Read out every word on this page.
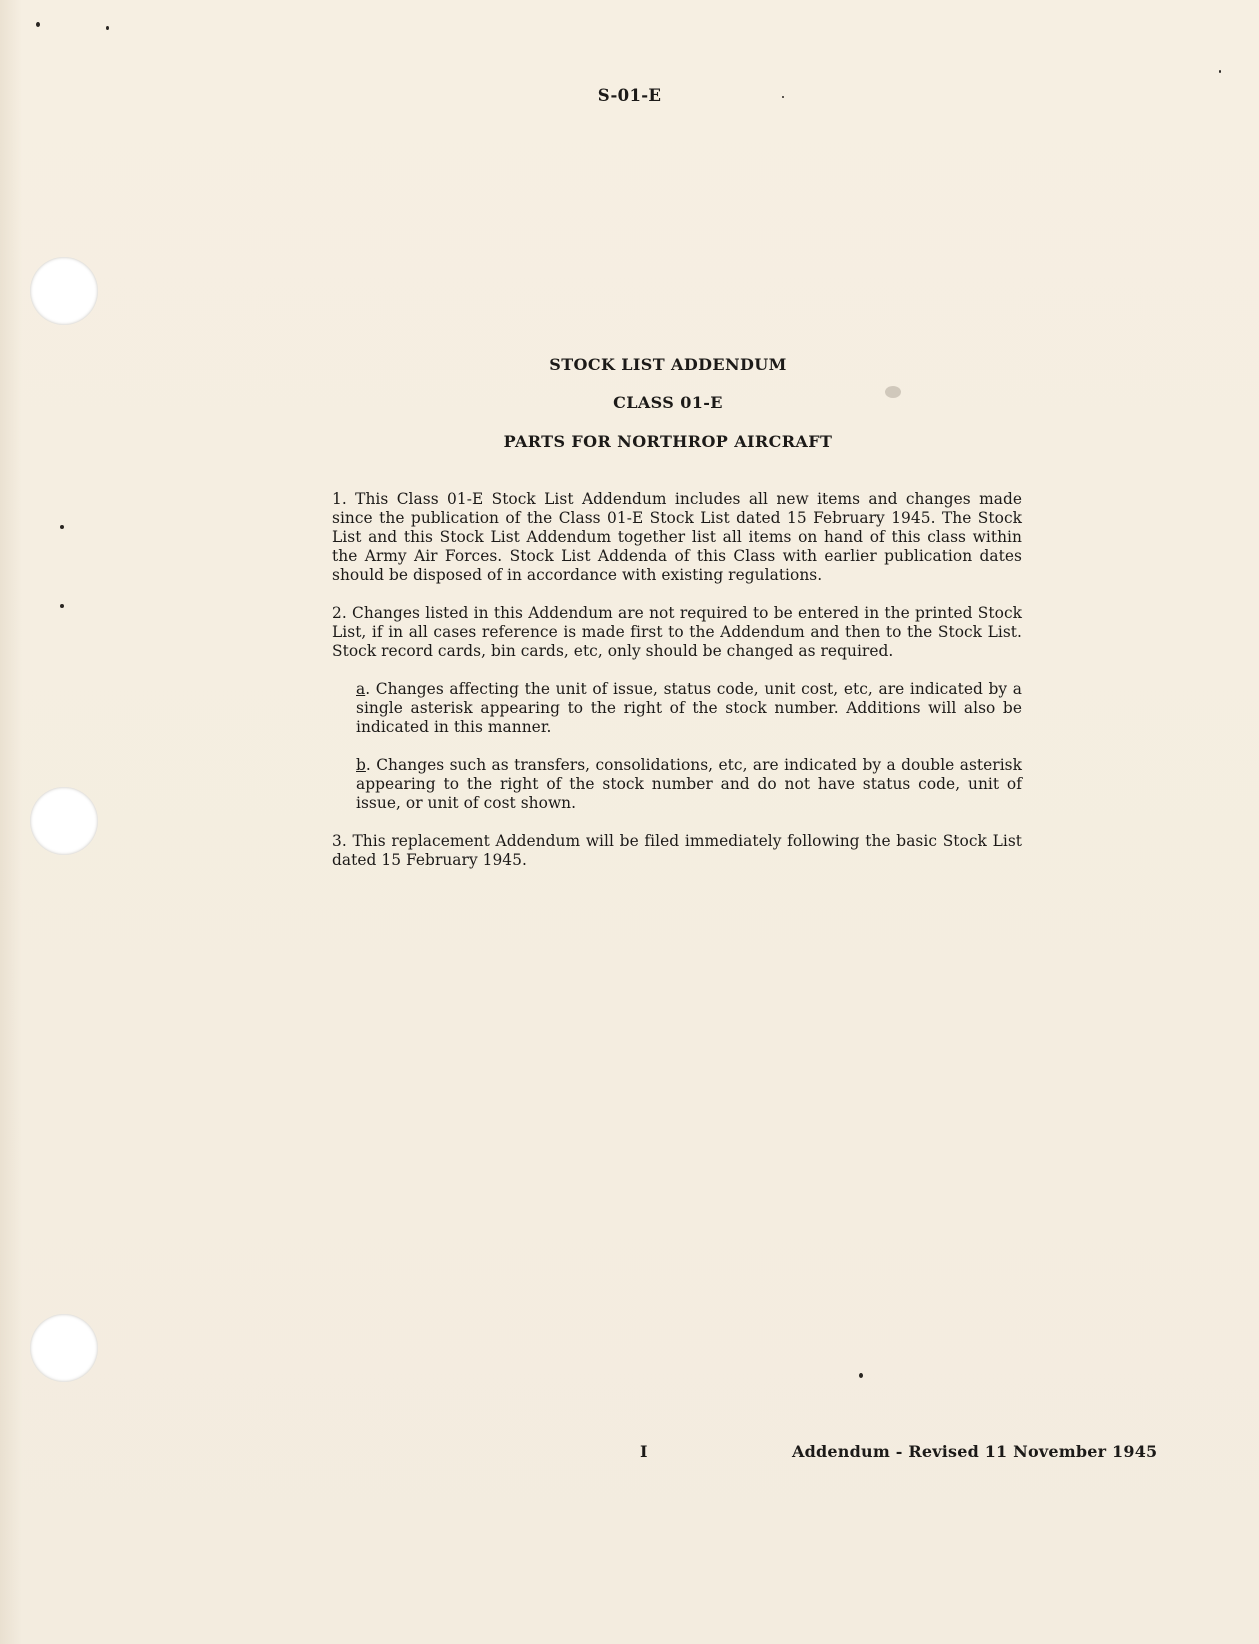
S-01-E
STOCK LIST ADDENDUM
CLASS 01-E
PARTS FOR NORTHROP AIRCRAFT

1. This Class 01-E Stock List Addendum includes all new items and changes made since the publication of the Class 01-E Stock List dated 15 February 1945. The Stock List and this Stock List Addendum together list all items on hand of this class within the Army Air Forces. Stock List Addenda of this Class with earlier publication dates should be disposed of in accordance with existing regulations.

2. Changes listed in this Addendum are not required to be entered in the printed Stock List, if in all cases reference is made first to the Addendum and then to the Stock List. Stock record cards, bin cards, etc, only should be changed as required.

a. Changes affecting the unit of issue, status code, unit cost, etc, are indicated by a single asterisk appearing to the right of the stock number. Additions will also be indicated in this manner.

b. Changes such as transfers, consolidations, etc, are indicated by a double asterisk appearing to the right of the stock number and do not have status code, unit of issue, or unit of cost shown.

3. This replacement Addendum will be filed immediately following the basic Stock List dated 15 February 1945.

I	Addendum - Revised 11 November 1945
